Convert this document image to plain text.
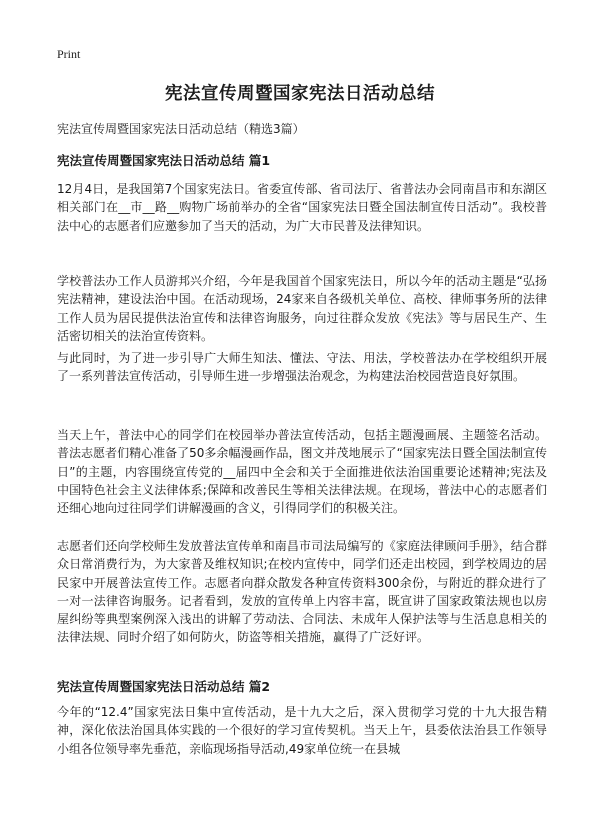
Print
宪法宣传周暨国家宪法日活动总结

宪法宣传周暨国家宪法日活动总结（精选3篇）

宪法宣传周暨国家宪法日活动总结 篇1

12月4日，是我国第7个国家宪法日。省委宣传部、省司法厅、省普法办会同南昌市和东湖区相关部门在__市__路__购物广场前举办的全省“国家宪法日暨全国法制宣传日活动”。我校普法中心的志愿者们应邀参加了当天的活动，为广大市民普及法律知识。

学校普法办工作人员游邦兴介绍，今年是我国首个国家宪法日，所以今年的活动主题是“弘扬宪法精神，建设法治中国。在活动现场，24家来自各级机关单位、高校、律师事务所的法律工作人员为居民提供法治宣传和法律咨询服务，向过往群众发放《宪法》等与居民生产、生活密切相关的法治宣传资料。

与此同时，为了进一步引导广大师生知法、懂法、守法、用法，学校普法办在学校组织开展了一系列普法宣传活动，引导师生进一步增强法治观念，为构建法治校园营造良好氛围。

当天上午，普法中心的同学们在校园举办普法宣传活动，包括主题漫画展、主题签名活动。普法志愿者们精心准备了50多余幅漫画作品，图文并茂地展示了“国家宪法日暨全国法制宣传日”的主题，内容围绕宣传党的__届四中全会和关于全面推进依法治国重要论述精神;宪法及中国特色社会主义法律体系;保障和改善民生等相关法律法规。在现场，普法中心的志愿者们还细心地向过往同学们讲解漫画的含义，引得同学们的积极关注。

志愿者们还向学校师生发放普法宣传单和南昌市司法局编写的《家庭法律顾问手册》，结合群众日常消费行为，为大家普及维权知识;在校内宣传中，同学们还走出校园，到学校周边的居民家中开展普法宣传工作。志愿者向群众散发各种宣传资料300余份，与附近的群众进行了一对一法律咨询服务。记者看到，发放的宣传单上内容丰富，既宣讲了国家政策法规也以房屋纠纷等典型案例深入浅出的讲解了劳动法、合同法、未成年人保护法等与生活息息相关的法律法规、同时介绍了如何防火，防盗等相关措施，赢得了广泛好评。

宪法宣传周暨国家宪法日活动总结 篇2

今年的“12.4”国家宪法日集中宣传活动，是十九大之后，深入贯彻学习党的十九大报告精神，深化依法治国具体实践的一个很好的学习宣传契机。当天上午，县委依法治县工作领导小组各位领导率先垂范，亲临现场指导活动,49家单位统一在县城
